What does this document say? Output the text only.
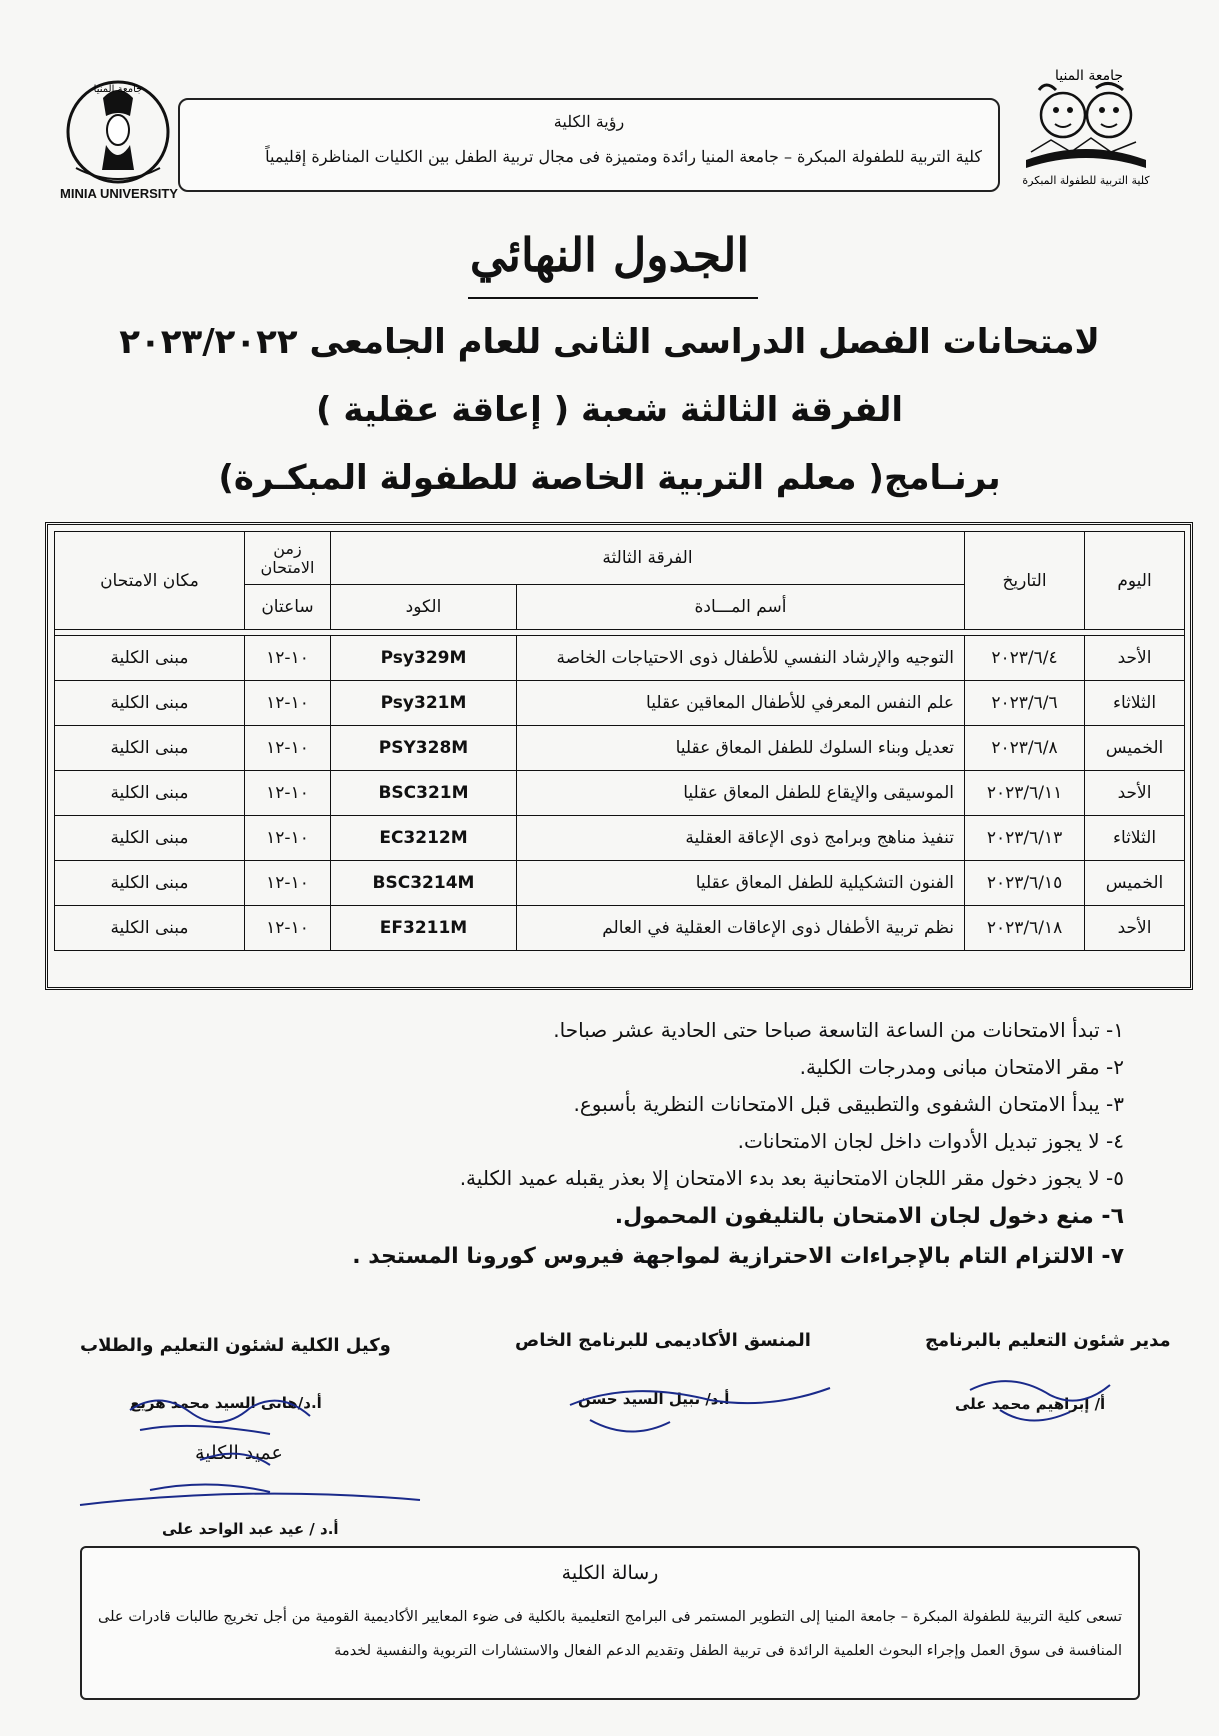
جامعة المنيا
MINIA UNIVERSITY
جامعة المنيا
كلية التربية للطفولة المبكرة
رؤية الكلية
كلية التربية للطفولة المبكرة – جامعة المنيا رائدة ومتميزة فى مجال تربية الطفل بين الكليات المناظرة إقليمياً
الجدول النهائي
لامتحانات الفصل الدراسى الثانى للعام الجامعى ٢٠٢٣/٢٠٢٢
الفرقة الثالثة شعبة ( إعاقة عقلية )
برنـامج( معلم التربية الخاصة للطفولة المبكـرة)
اليوم	التاريخ	الفرقة الثالثة		زمن الامتحان	مكان الامتحان
		أسم المـــادة	الكود	ساعتان	

الأحد	٢٠٢٣/٦/٤	التوجيه والإرشاد النفسي للأطفال ذوى الاحتياجات الخاصة	Psy329M	١٠-١٢	مبنى الكلية
الثلاثاء	٢٠٢٣/٦/٦	علم النفس المعرفي للأطفال المعاقين عقليا	Psy321M	١٠-١٢	مبنى الكلية
الخميس	٢٠٢٣/٦/٨	تعديل وبناء السلوك للطفل المعاق عقليا	PSY328M	١٠-١٢	مبنى الكلية
الأحد	٢٠٢٣/٦/١١	الموسيقى والإيقاع للطفل المعاق عقليا	BSC321M	١٠-١٢	مبنى الكلية
الثلاثاء	٢٠٢٣/٦/١٣	تنفيذ مناهج وبرامج ذوى الإعاقة العقلية	EC3212M	١٠-١٢	مبنى الكلية
الخميس	٢٠٢٣/٦/١٥	الفنون التشكيلية للطفل المعاق عقليا	BSC3214M	١٠-١٢	مبنى الكلية
الأحد	٢٠٢٣/٦/١٨	نظم تربية الأطفال ذوى الإعاقات العقلية في العالم	EF3211M	١٠-١٢	مبنى الكلية
١- تبدأ الامتحانات من الساعة التاسعة صباحا حتى الحادية عشر صباحا.
٢- مقر الامتحان مبانى ومدرجات الكلية.
٣- يبدأ الامتحان الشفوى والتطبيقى قبل الامتحانات النظرية بأسبوع.
٤- لا يجوز تبديل الأدوات داخل لجان الامتحانات.
٥- لا يجوز دخول مقر اللجان الامتحانية بعد بدء الامتحان إلا بعذر يقبله عميد الكلية.
٦- منع دخول لجان الامتحان بالتليفون المحمول.
٧- الالتزام التام بالإجراءات الاحترازية لمواجهة فيروس كورونا المستجد .
وكيل الكلية لشئون التعليم والطلاب
أ.د/هانى السيد محمد هزيع
المنسق الأكاديمى للبرنامج الخاص
أ.د/ نبيل السيد حسن
مدير شئون التعليم بالبرنامج
أ/ إبراهيم محمد على
عميد الكلية
أ.د / عيد عبد الواحد على
رسالة الكلية
تسعى كلية التربية للطفولة المبكرة – جامعة المنيا إلى التطوير المستمر فى البرامج التعليمية بالكلية فى ضوء المعايير الأكاديمية القومية من أجل تخريج طالبات قادرات على المنافسة فى سوق العمل وإجراء البحوث العلمية الرائدة فى تربية الطفل وتقديم الدعم الفعال والاستشارات التربوية والنفسية لخدمة
